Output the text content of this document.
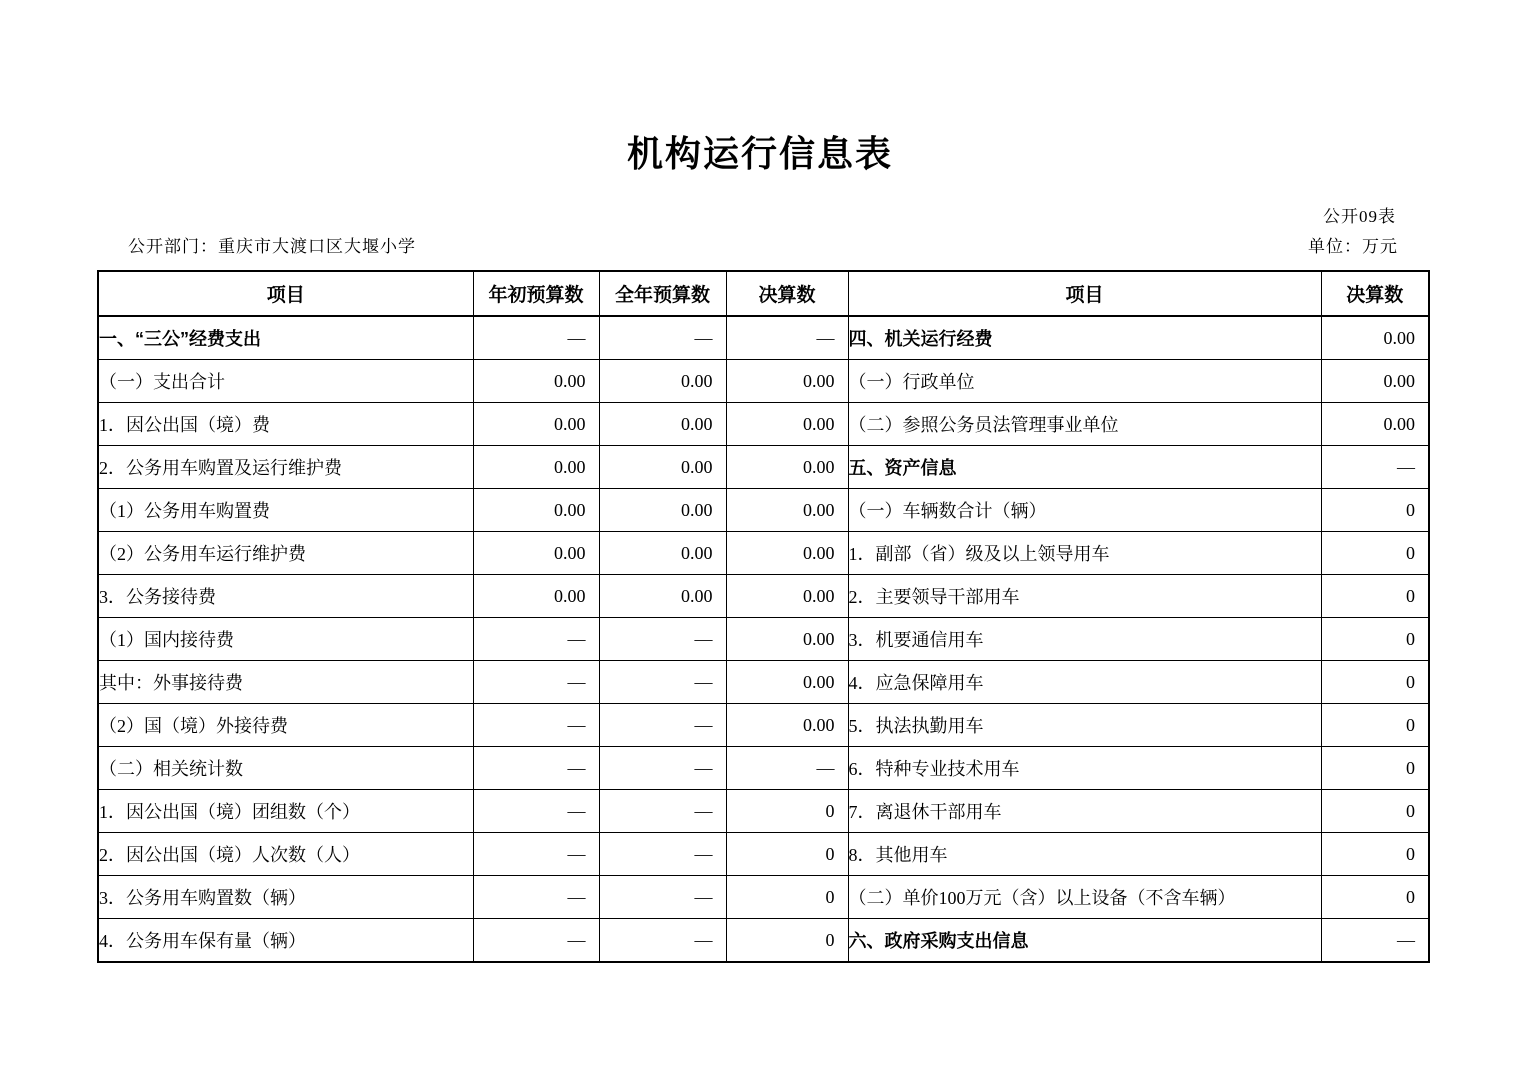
机构运行信息表
公开09表
公开部门：重庆市大渡口区大堰小学	单位：万元
项目	年初预算数	全年预算数	决算数	项目	决算数
一、“三公”经费支出	—	—	—	四、机关运行经费	0.00
（一）支出合计	0.00	0.00	0.00	（一）行政单位	0.00
1．因公出国（境）费	0.00	0.00	0.00	（二）参照公务员法管理事业单位	0.00
2．公务用车购置及运行维护费	0.00	0.00	0.00	五、资产信息	—
（1）公务用车购置费	0.00	0.00	0.00	（一）车辆数合计（辆）	0
（2）公务用车运行维护费	0.00	0.00	0.00	1．副部（省）级及以上领导用车	0
3．公务接待费	0.00	0.00	0.00	2．主要领导干部用车	0
（1）国内接待费	—	—	0.00	3．机要通信用车	0
其中：外事接待费	—	—	0.00	4．应急保障用车	0
（2）国（境）外接待费	—	—	0.00	5．执法执勤用车	0
（二）相关统计数	—	—	—	6．特种专业技术用车	0
1．因公出国（境）团组数（个）	—	—	0	7．离退休干部用车	0
2．因公出国（境）人次数（人）	—	—	0	8．其他用车	0
3．公务用车购置数（辆）	—	—	0	（二）单价100万元（含）以上设备（不含车辆）	0
4．公务用车保有量（辆）	—	—	0	六、政府采购支出信息	—
